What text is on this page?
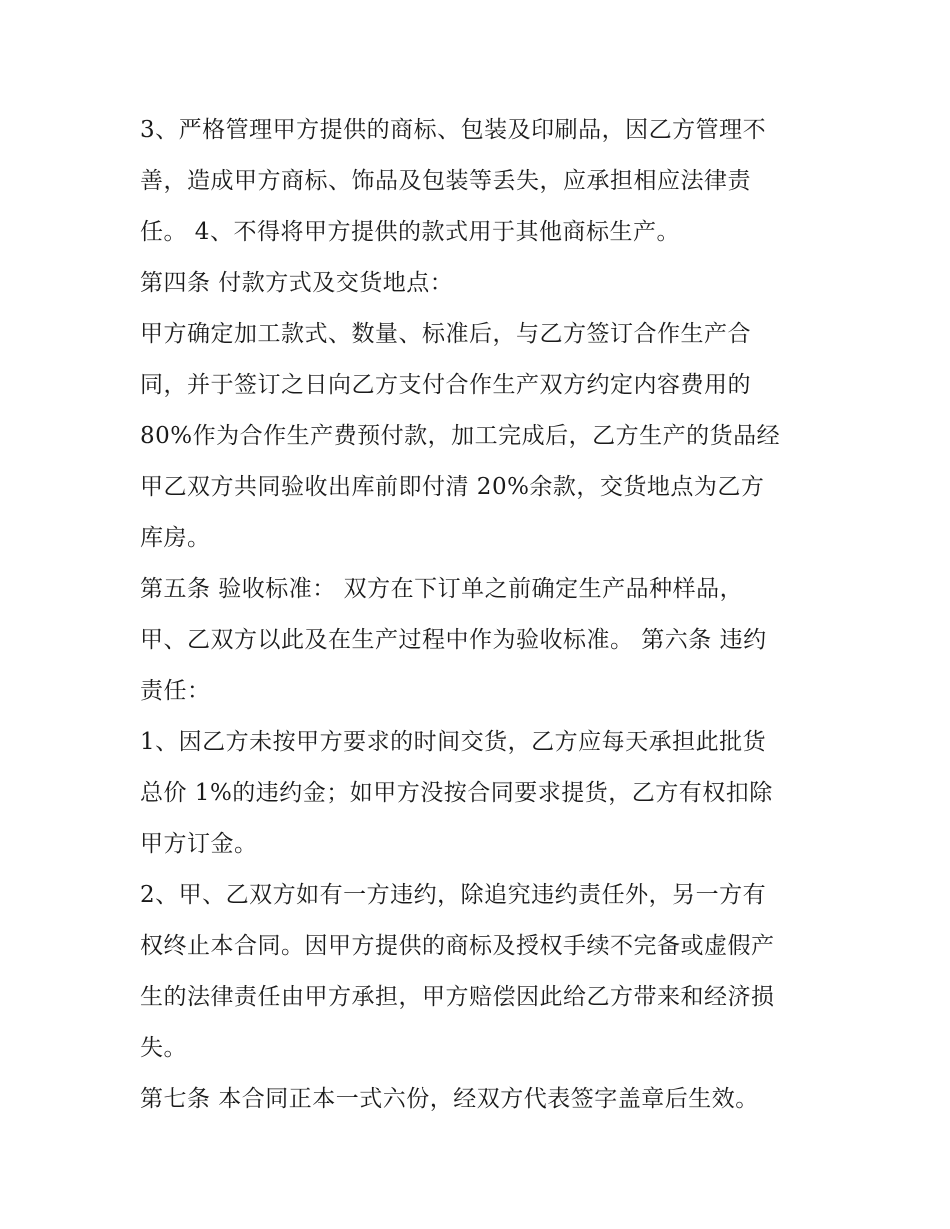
3、严格管理甲方提供的商标、包装及印刷品，因乙方管理不
善，造成甲方商标、饰品及包装等丢失，应承担相应法律责
任。 4、不得将甲方提供的款式用于其他商标生产。
第四条 付款方式及交货地点：
甲方确定加工款式、数量、标准后，与乙方签订合作生产合
同，并于签订之日向乙方支付合作生产双方约定内容费用的
80%作为合作生产费预付款，加工完成后，乙方生产的货品经
甲乙双方共同验收出库前即付清 20%余款，交货地点为乙方
库房。
第五条 验收标准： 双方在下订单之前确定生产品种样品，
甲、乙双方以此及在生产过程中作为验收标准。 第六条 违约
责任：
1、因乙方未按甲方要求的时间交货，乙方应每天承担此批货
总价 1%的违约金；如甲方没按合同要求提货，乙方有权扣除
甲方订金。
2、甲、乙双方如有一方违约，除追究违约责任外，另一方有
权终止本合同。因甲方提供的商标及授权手续不完备或虚假产
生的法律责任由甲方承担，甲方赔偿因此给乙方带来和经济损
失。
第七条 本合同正本一式六份，经双方代表签字盖章后生效。
